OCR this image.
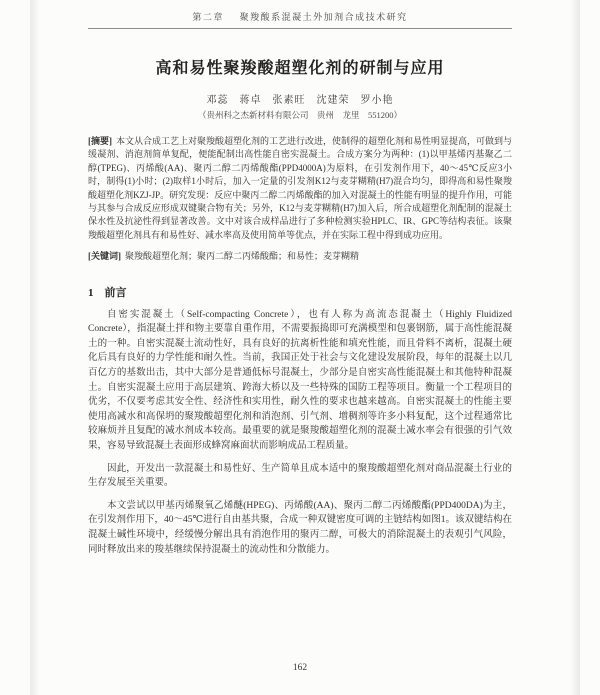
第二章 聚羧酸系混凝土外加剂合成技术研究
高和易性聚羧酸超塑化剂的研制与应用
邓蕊　蒋卓　张素旺　沈建荣　罗小艳
（贵州科之杰新材料有限公司　贵州　龙里　551200）

[摘要] 本文从合成工艺上对聚羧酸超塑化剂的工艺进行改进，使制得的超塑化剂和易性明显提高，可做到与缓凝剂、消泡剂简单复配，便能配制出高性能自密实混凝土。合成方案分为两种：(1)以甲基烯丙基聚乙二醇(TPEG)、丙烯酸(AA)、聚丙二醇二丙烯酸酯(PPD4000A)为原料，在引发剂作用下，40～45℃反应3小时，制得(1)小时；(2)取样1小时后，加入一定量的引发剂K12与麦芽糊精(H7)混合均匀，即得高和易性聚羧酸超塑化剂KZJ-JP。研究发现：反应中聚丙二醇二丙烯酸酯的加入对混凝土的性能有明显的提升作用，可能与其参与合成反应形成双键聚合物有关；另外，K12与麦芽糊精(H7)加入后，所合成超塑化剂配制的混凝土保水性及抗泌性得到显著改善。文中对该合成样品进行了多种检测实验HPLC、IR、GPC等结构表征。该聚羧酸超塑化剂具有和易性好、减水率高及使用简单等优点，并在实际工程中得到成功应用。

[关键词] 聚羧酸超塑化剂；聚丙二醇二丙烯酸酯；和易性；麦芽糊精

1　前言

自密实混凝土（Self-compacting Concrete），也有人称为高流态混凝土（Highly Fluidized Concrete），指混凝土拌和物主要靠自重作用，不需要振捣即可充满模型和包裹钢筋，属于高性能混凝土的一种。自密实混凝土流动性好，具有良好的抗离析性能和填充性能，而且骨料不离析，混凝土硬化后具有良好的力学性能和耐久性。当前，我国正处于社会与文化建设发展阶段，每年的混凝土以几百亿方的基数出击，其中大部分是普通低标号混凝土，少部分是自密实高性能混凝土和其他特种混凝土。自密实混凝土应用于高层建筑、跨海大桥以及一些特殊的国防工程等项目。衡量一个工程项目的优劣，不仅要考虑其安全性、经济性和实用性，耐久性的要求也越来越高。自密实混凝土的性能主要使用高减水和高保坍的聚羧酸超塑化剂和消泡剂、引气剂、增稠剂等许多小料复配，这个过程通常比较麻烦并且复配的减水剂成本较高。最重要的就是聚羧酸超塑化剂的混凝土减水率会有很强的引气效果，容易导致混凝土表面形成蜂窝麻面状而影响成品工程质量。

因此，开发出一款混凝土和易性好、生产简单且成本适中的聚羧酸超塑化剂对商品混凝土行业的生存发展至关重要。

本文尝试以甲基丙烯聚氧乙烯醚(HPEG)、丙烯酸(AA)、聚丙二醇二丙烯酸酯(PPD400DA)为主，在引发剂作用下，40～45℃进行自由基共聚，合成一种双键密度可调的主链结构如图1。该双键结构在混凝土碱性环境中，经缓慢分解出具有消泡作用的聚丙二醇，可极大的消除混凝土的表观引气风险，同时释放出来的羧基继续保持混凝土的流动性和分散能力。

162
